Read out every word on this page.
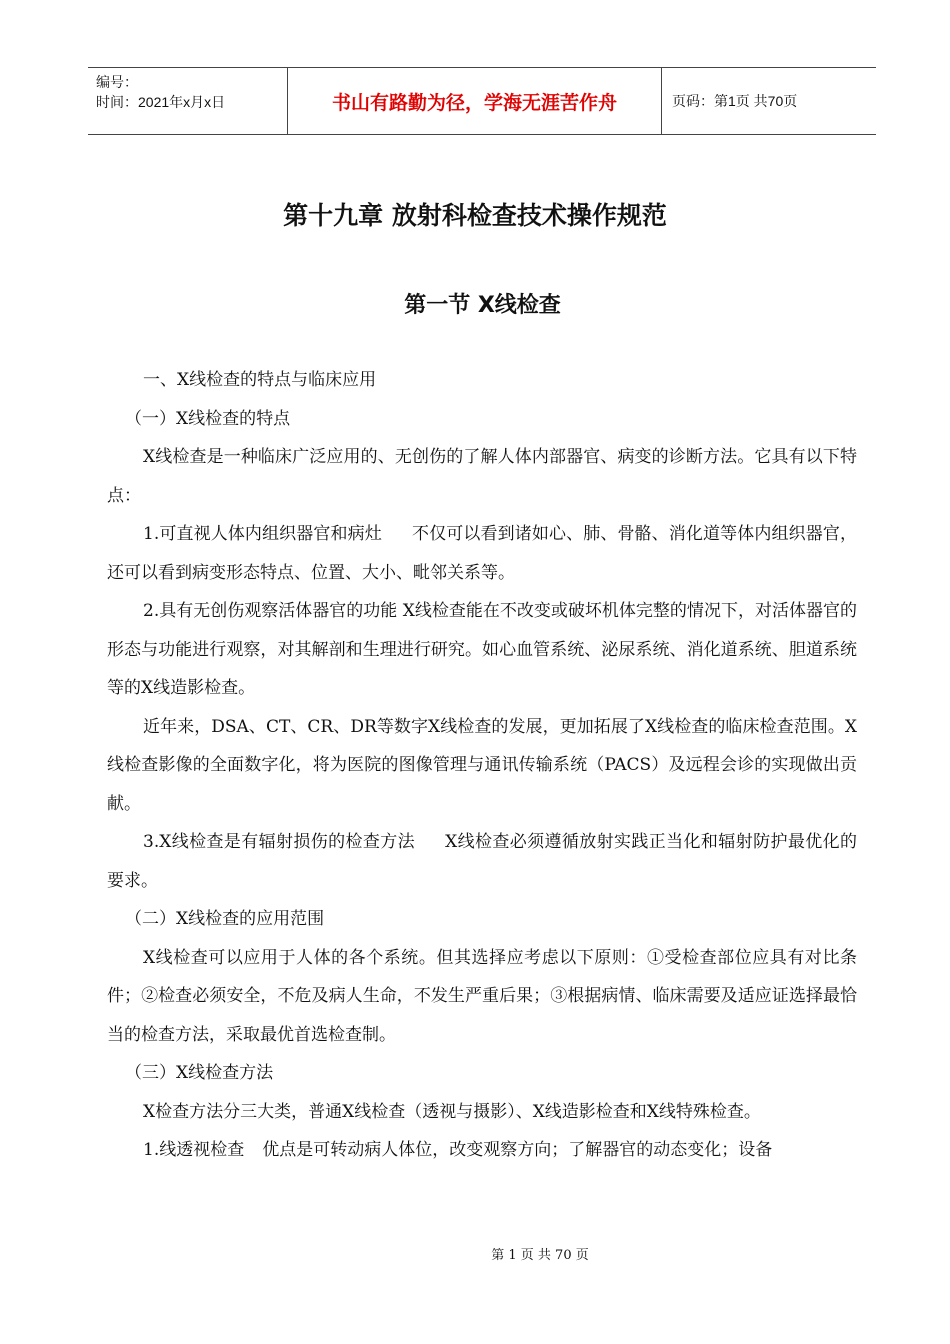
编号：
时间：2021年x月x日	书山有路勤为径，学海无涯苦作舟	页码：第1页 共70页
第十九章 放射科检查技术操作规范
第一节 X线检查

一、X线检查的特点与临床应用

（一）X线检查的特点

X线检查是一种临床广泛应用的、无创伤的了解人体内部器官、病变的诊断方法。它具有以下特点：

1.可直视人体内组织器官和病灶 不仅可以看到诸如心、肺、骨骼、消化道等体内组织器官，还可以看到病变形态特点、位置、大小、毗邻关系等。

2.具有无创伤观察活体器官的功能 X线检查能在不改变或破坏机体完整的情况下，对活体器官的形态与功能进行观察，对其解剖和生理进行研究。如心血管系统、泌尿系统、消化道系统、胆道系统等的X线造影检查。

近年来，DSA、CT、CR、DR等数字X线检查的发展，更加拓展了X线检查的临床检查范围。X线检查影像的全面数字化，将为医院的图像管理与通讯传输系统（PACS）及远程会诊的实现做出贡献。

3.X线检查是有辐射损伤的检查方法 X线检查必须遵循放射实践正当化和辐射防护最优化的要求。

（二）X线检查的应用范围

X线检查可以应用于人体的各个系统。但其选择应考虑以下原则：①受检查部位应具有对比条件；②检查必须安全，不危及病人生命，不发生严重后果；③根据病情、临床需要及适应证选择最恰当的检查方法，采取最优首选检查制。

（三）X线检查方法

X检查方法分三大类，普通X线检查（透视与摄影）、X线造影检查和X线特殊检查。

1.线透视检查 优点是可转动病人体位，改变观察方向；了解器官的动态变化；设备

第 1 页 共 70 页
